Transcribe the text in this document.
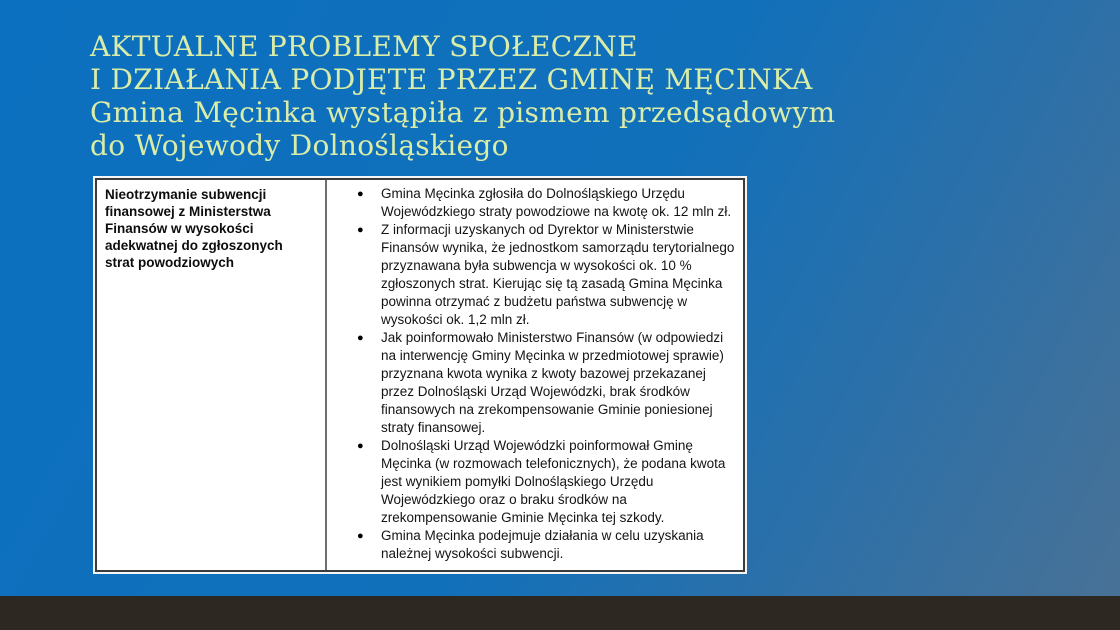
AKTUALNE PROBLEMY SPOŁECZNE
I DZIAŁANIA PODJĘTE PRZEZ GMINĘ MĘCINKA
Gmina Męcinka wystąpiła z pismem przedsądowym
do Wojewody Dolnośląskiego
Nieotrzymanie subwencji finansowej z Ministerstwa Finansów w wysokości adekwatnej do zgłoszonych strat powodziowych
● Gmina Męcinka zgłosiła do Dolnośląskiego Urzędu Wojewódzkiego straty powodziowe na kwotę ok. 12 mln zł.
● Z informacji uzyskanych od Dyrektor w Ministerstwie Finansów wynika, że jednostkom samorządu terytorialnego przyznawana była subwencja w wysokości ok. 10 % zgłoszonych strat. Kierując się tą zasadą Gmina Męcinka powinna otrzymać z budżetu państwa subwencję w wysokości ok. 1,2 mln zł.
● Jak poinformowało Ministerstwo Finansów (w odpowiedzi na interwencję Gminy Męcinka w przedmiotowej sprawie) przyznana kwota wynika z kwoty bazowej przekazanej przez Dolnośląski Urząd Wojewódzki, brak środków finansowych na zrekompensowanie Gminie poniesionej straty finansowej.
● Dolnośląski Urząd Wojewódzki poinformował Gminę Męcinka (w rozmowach telefonicznych), że podana kwota jest wynikiem pomyłki Dolnośląskiego Urzędu Wojewódzkiego oraz o braku środków na zrekompensowanie Gminie Męcinka tej szkody.
● Gmina Męcinka podejmuje działania w celu uzyskania należnej wysokości subwencji.
